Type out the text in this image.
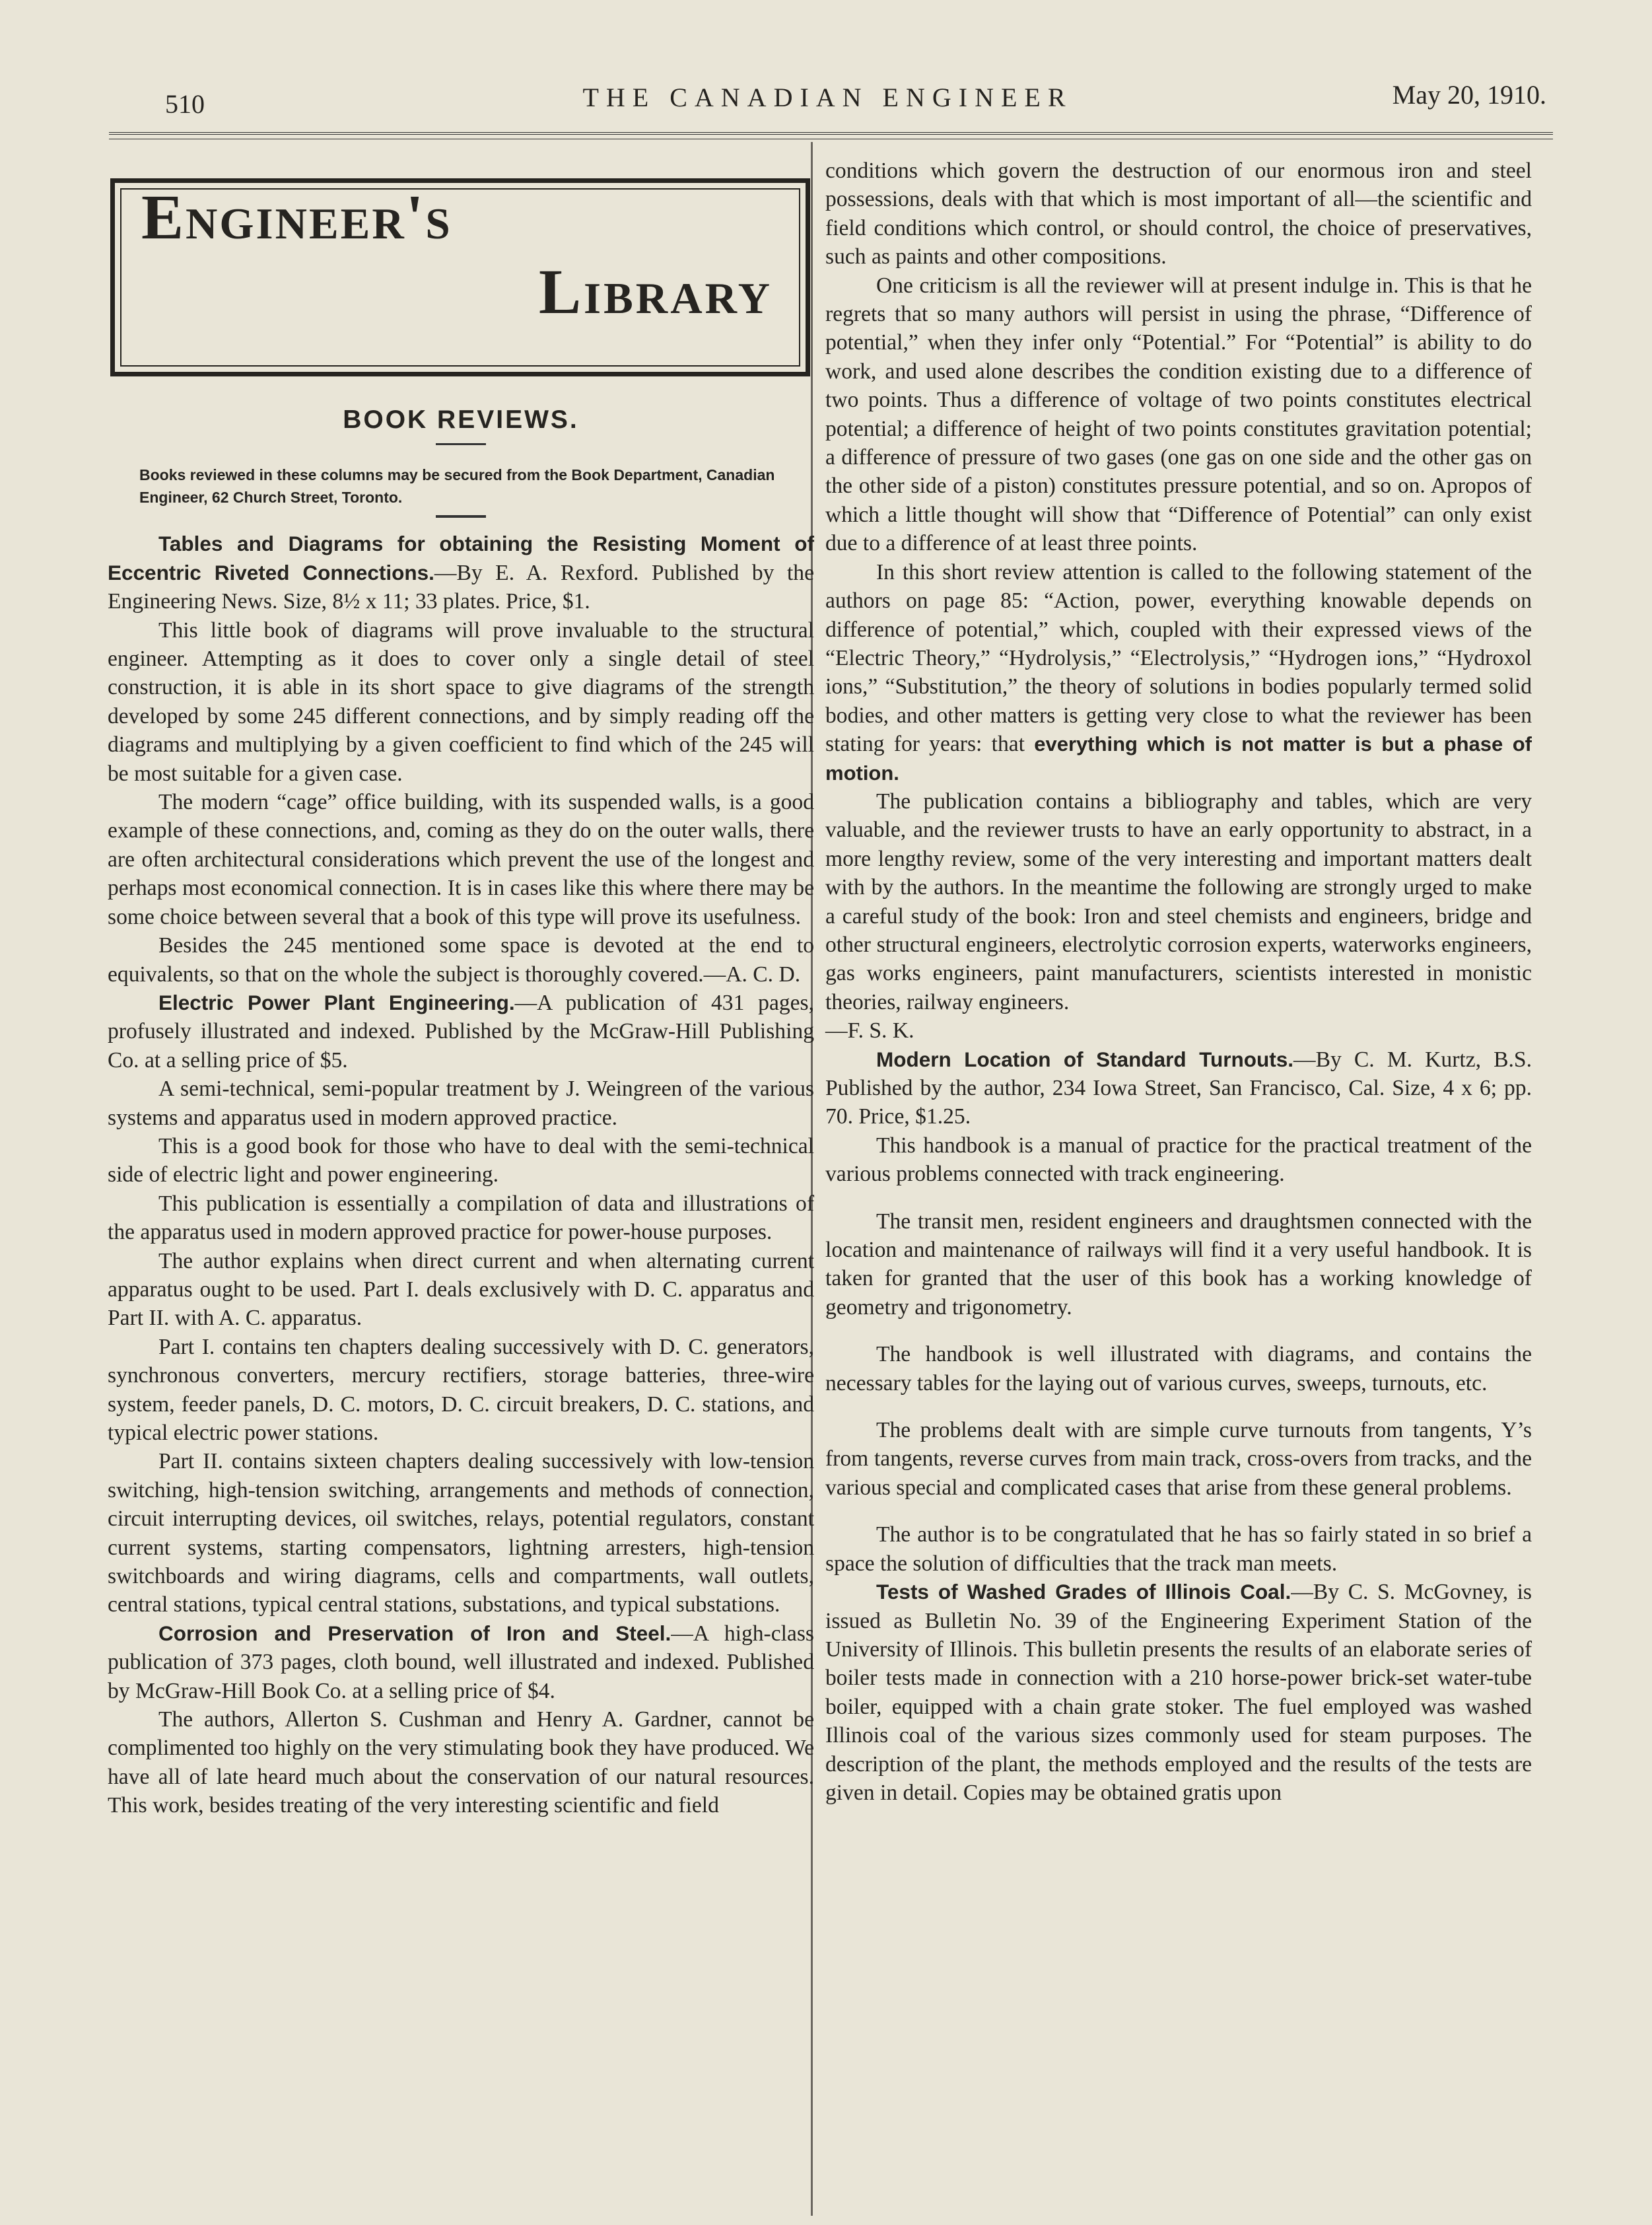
510	THE CANADIAN ENGINEER	May 20, 1910.
Engineer's
Library
BOOK REVIEWS.
Books reviewed in these columns may be secured from the Book Department, Canadian Engineer, 62 Church Street, Toronto.

Tables and Diagrams for obtaining the Resisting Moment of Eccentric Riveted Connections.—By E. A. Rexford. Published by the Engineering News. Size, 8½ x 11; 33 plates. Price, $1.

This little book of diagrams will prove invaluable to the structural engineer. Attempting as it does to cover only a single detail of steel construction, it is able in its short space to give diagrams of the strength developed by some 245 different connections, and by simply reading off the diagrams and multiplying by a given coefficient to find which of the 245 will be most suitable for a given case.

The modern “cage” office building, with its suspended walls, is a good example of these connections, and, coming as they do on the outer walls, there are often architectural considerations which prevent the use of the longest and perhaps most economical connection. It is in cases like this where there may be some choice between several that a book of this type will prove its usefulness.

Besides the 245 mentioned some space is devoted at the end to equivalents, so that on the whole the subject is thoroughly covered.—A. C. D.

Electric Power Plant Engineering.—A publication of 431 pages, profusely illustrated and indexed. Published by the McGraw-Hill Publishing Co. at a selling price of $5.

A semi-technical, semi-popular treatment by J. Weingreen of the various systems and apparatus used in modern approved practice.

This is a good book for those who have to deal with the semi-technical side of electric light and power engineering.

This publication is essentially a compilation of data and illustrations of the apparatus used in modern approved practice for power-house purposes.

The author explains when direct current and when alternating current apparatus ought to be used. Part I. deals exclusively with D. C. apparatus and Part II. with A. C. apparatus.

Part I. contains ten chapters dealing successively with D. C. generators, synchronous converters, mercury rectifiers, storage batteries, three-wire system, feeder panels, D. C. motors, D. C. circuit breakers, D. C. stations, and typical electric power stations.

Part II. contains sixteen chapters dealing successively with low-tension switching, high-tension switching, arrangements and methods of connection, circuit interrupting devices, oil switches, relays, potential regulators, constant current systems, starting compensators, lightning arresters, high-tension switchboards and wiring diagrams, cells and compartments, wall outlets, central stations, typical central stations, substations, and typical substations.

Corrosion and Preservation of Iron and Steel.—A high-class publication of 373 pages, cloth bound, well illustrated and indexed. Published by McGraw-Hill Book Co. at a selling price of $4.

The authors, Allerton S. Cushman and Henry A. Gardner, cannot be complimented too highly on the very stimulating book they have produced. We have all of late heard much about the conservation of our natural resources. This work, besides treating of the very interesting scientific and field

conditions which govern the destruction of our enormous iron and steel possessions, deals with that which is most important of all—the scientific and field conditions which control, or should control, the choice of preservatives, such as paints and other compositions.

One criticism is all the reviewer will at present indulge in. This is that he regrets that so many authors will persist in using the phrase, “Difference of potential,” when they infer only “Potential.” For “Potential” is ability to do work, and used alone describes the condition existing due to a difference of two points. Thus a difference of voltage of two points constitutes electrical potential; a difference of height of two points constitutes gravitation potential; a difference of pressure of two gases (one gas on one side and the other gas on the other side of a piston) constitutes pressure potential, and so on. Apropos of which a little thought will show that “Difference of Potential” can only exist due to a difference of at least three points.

In this short review attention is called to the following statement of the authors on page 85: “Action, power, everything knowable depends on difference of potential,” which, coupled with their expressed views of the “Electric Theory,” “Hydrolysis,” “Electrolysis,” “Hydrogen ions,” “Hydroxol ions,” “Substitution,” the theory of solutions in bodies popularly termed solid bodies, and other matters is getting very close to what the reviewer has been stating for years: that everything which is not matter is but a phase of motion.

The publication contains a bibliography and tables, which are very valuable, and the reviewer trusts to have an early opportunity to abstract, in a more lengthy review, some of the very interesting and important matters dealt with by the authors. In the meantime the following are strongly urged to make a careful study of the book: Iron and steel chemists and engineers, bridge and other structural engineers, electrolytic corrosion experts, waterworks engineers, gas works engineers, paint manufacturers, scientists interested in monistic theories, railway engineers.

—F. S. K.

Modern Location of Standard Turnouts.—By C. M. Kurtz, B.S. Published by the author, 234 Iowa Street, San Francisco, Cal. Size, 4 x 6; pp. 70. Price, $1.25.

This handbook is a manual of practice for the practical treatment of the various problems connected with track engineering.

The transit men, resident engineers and draughtsmen connected with the location and maintenance of railways will find it a very useful handbook. It is taken for granted that the user of this book has a working knowledge of geometry and trigonometry.

The handbook is well illustrated with diagrams, and contains the necessary tables for the laying out of various curves, sweeps, turnouts, etc.

The problems dealt with are simple curve turnouts from tangents, Y’s from tangents, reverse curves from main track, cross-overs from tracks, and the various special and complicated cases that arise from these general problems.

The author is to be congratulated that he has so fairly stated in so brief a space the solution of difficulties that the track man meets.

Tests of Washed Grades of Illinois Coal.—By C. S. McGovney, is issued as Bulletin No. 39 of the Engineering Experiment Station of the University of Illinois. This bulletin presents the results of an elaborate series of boiler tests made in connection with a 210 horse-power brick-set water-tube boiler, equipped with a chain grate stoker. The fuel employed was washed Illinois coal of the various sizes commonly used for steam purposes. The description of the plant, the methods employed and the results of the tests are given in detail. Copies may be obtained gratis upon
